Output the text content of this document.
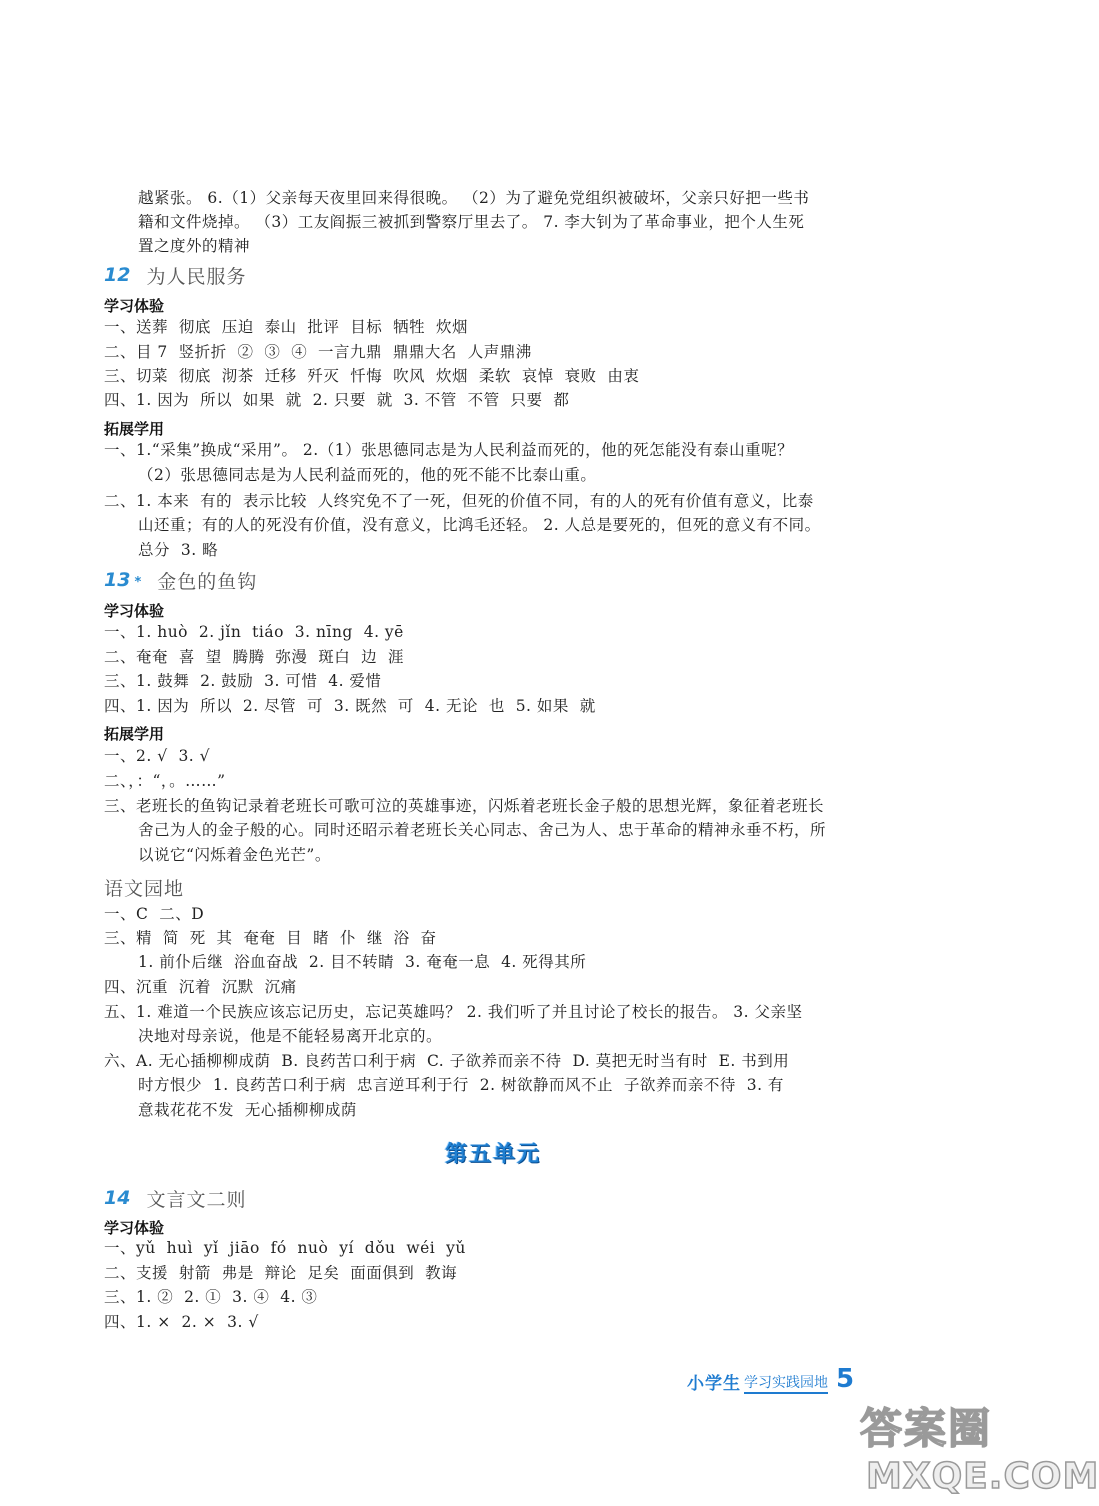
越紧张。 6.（1）父亲每天夜里回来得很晚。 （2）为了避免党组织被破坏，父亲只好把一些书
籍和文件烧掉。 （3）工友阎振三被抓到警察厅里去了。 7. 李大钊为了革命事业，把个人生死
置之度外的精神
12 为人民服务
学习体验
一、送葬  彻底  压迫  泰山  批评  目标  牺牲  炊烟
二、目 7  竖折折  ②  ③  ④  一言九鼎  鼎鼎大名  人声鼎沸
三、切菜  彻底  沏茶  迁移  歼灭  忏悔  吹风  炊烟  柔软  哀悼  衰败  由衷
四、1. 因为  所以  如果  就  2. 只要  就  3. 不管  不管  只要  都
拓展学用
一、1.“采集”换成“采用”。 2.（1）张思德同志是为人民利益而死的，他的死怎能没有泰山重呢？
（2）张思德同志是为人民利益而死的，他的死不能不比泰山重。
二、1. 本来  有的  表示比较  人终究免不了一死，但死的价值不同，有的人的死有价值有意义，比泰
山还重；有的人的死没有价值，没有意义，比鸿毛还轻。 2. 人总是要死的，但死的意义有不同。
总分  3. 略
13 * 金色的鱼钩
学习体验
一、1. huò  2. jǐn  tiáo  3. nīng  4. yē
二、奄奄  喜  望  腾腾  弥漫  斑白  边  涯
三、1. 鼓舞  2. 鼓励  3. 可惜  4. 爱惜
四、1. 因为  所以  2. 尽管  可  3. 既然  可  4. 无论  也  5. 如果  就
拓展学用
一、2. √  3. √
二、，：“，。……”
三、老班长的鱼钩记录着老班长可歌可泣的英雄事迹，闪烁着老班长金子般的思想光辉，象征着老班长
舍己为人的金子般的心。同时还昭示着老班长关心同志、舍己为人、忠于革命的精神永垂不朽，所
以说它“闪烁着金色光芒”。
语文园地
一、C  二、D
三、精  简  死  其  奄奄  目  睹  仆  继  浴  奋
1. 前仆后继  浴血奋战  2. 目不转睛  3. 奄奄一息  4. 死得其所
四、沉重  沉着  沉默  沉痛
五、1. 难道一个民族应该忘记历史，忘记英雄吗？ 2. 我们听了并且讨论了校长的报告。 3. 父亲坚
决地对母亲说，他是不能轻易离开北京的。
六、A. 无心插柳柳成荫  B. 良药苦口利于病  C. 子欲养而亲不待  D. 莫把无时当有时  E. 书到用
时方恨少  1. 良药苦口利于病  忠言逆耳利于行  2. 树欲静而风不止  子欲养而亲不待  3. 有
意栽花花不发  无心插柳柳成荫
第五单元
14 文言文二则
学习体验
一、yǔ  huì  yǐ  jiāo  fó  nuò  yí  dǒu  wéi  yǔ
二、支援  射箭  弗是  辩论  足矣  面面俱到  教诲
三、1. ②  2. ①  3. ④  4. ③
四、1. ×  2. ×  3. √
小学生 学习实践园地 5
答案圈
MXQE.COM
